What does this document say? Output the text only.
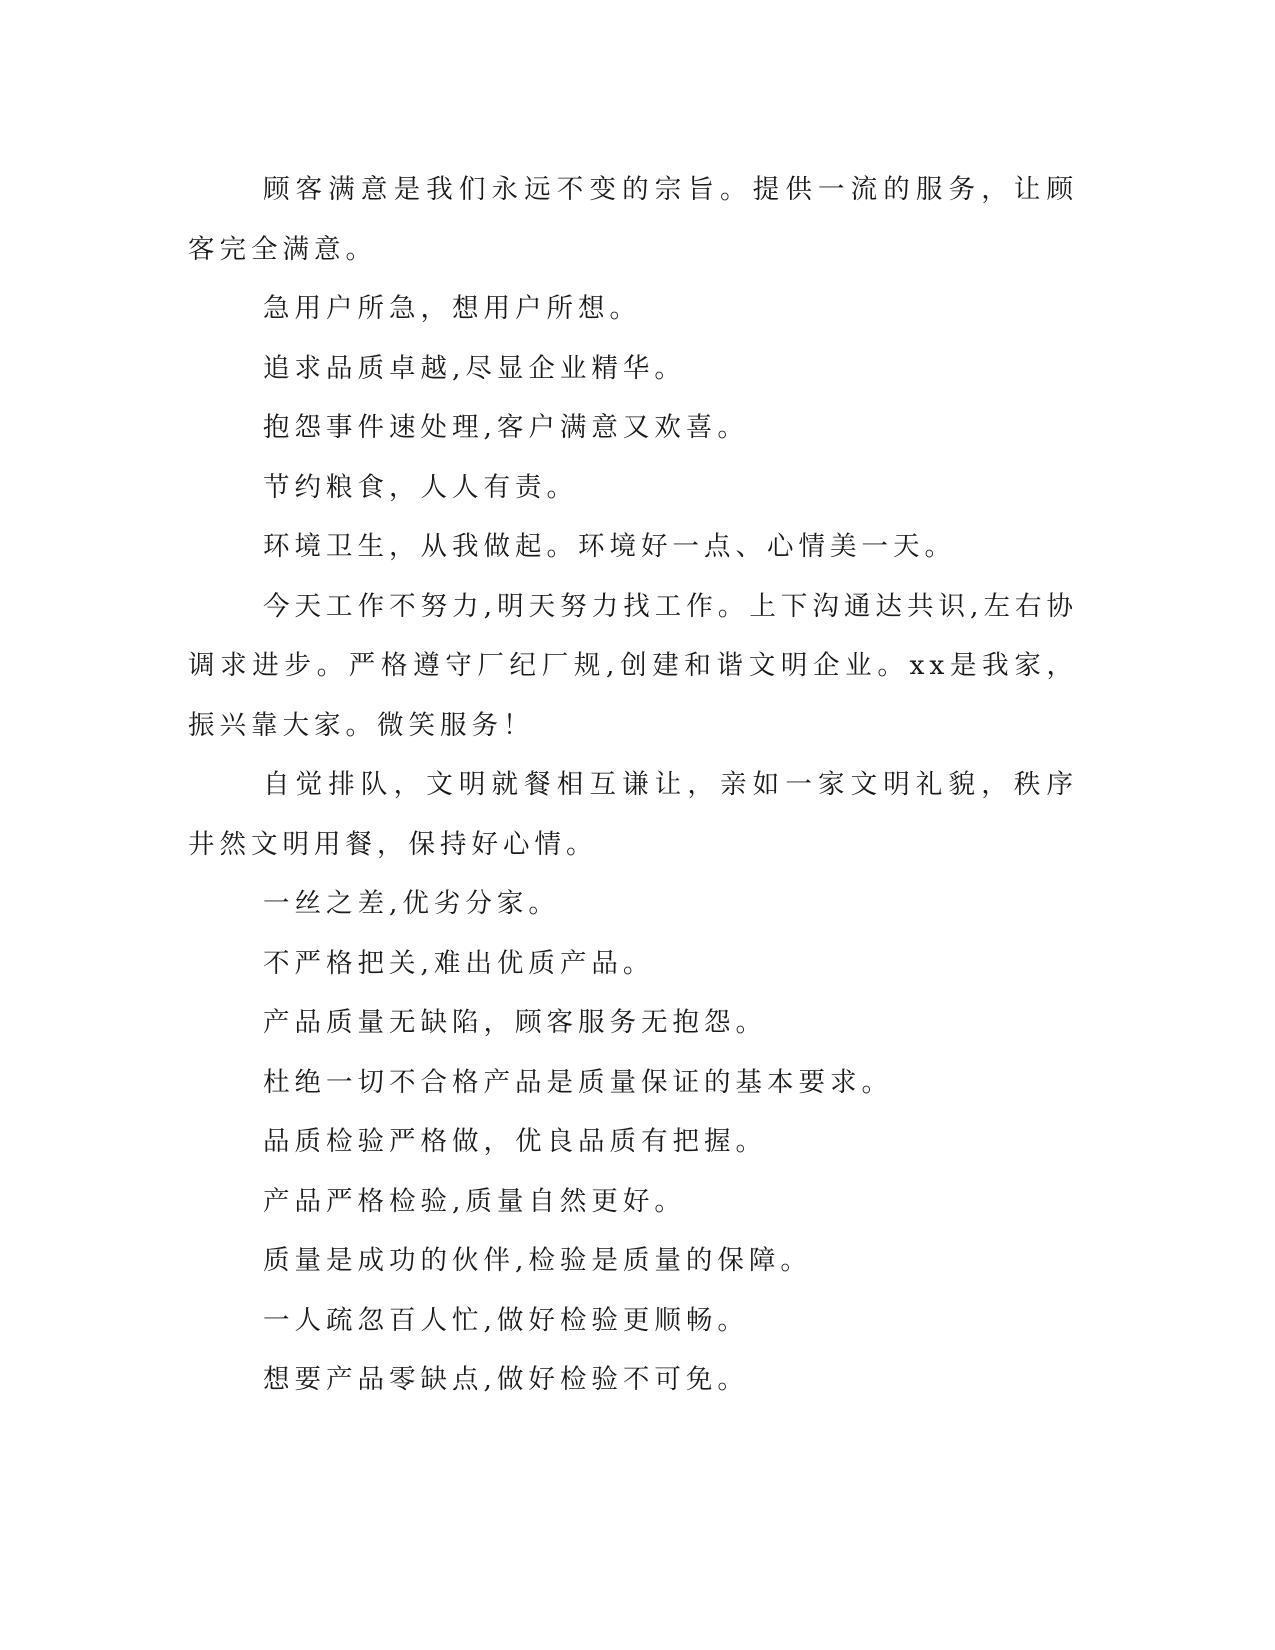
顾客满意是我们永远不变的宗旨。提供一流的服务，让顾客完全满意。

急用户所急，想用户所想。

追求品质卓越,尽显企业精华。

抱怨事件速处理,客户满意又欢喜。

节约粮食，人人有责。

环境卫生，从我做起。环境好一点、心情美一天。

今天工作不努力,明天努力找工作。上下沟通达共识,左右协调求进步。严格遵守厂纪厂规,创建和谐文明企业。xx是我家，振兴靠大家。微笑服务！

自觉排队，文明就餐相互谦让，亲如一家文明礼貌，秩序井然文明用餐，保持好心情。

一丝之差,优劣分家。

不严格把关,难出优质产品。

产品质量无缺陷，顾客服务无抱怨。

杜绝一切不合格产品是质量保证的基本要求。

品质检验严格做，优良品质有把握。

产品严格检验,质量自然更好。

质量是成功的伙伴,检验是质量的保障。

一人疏忽百人忙,做好检验更顺畅。

想要产品零缺点,做好检验不可免。
